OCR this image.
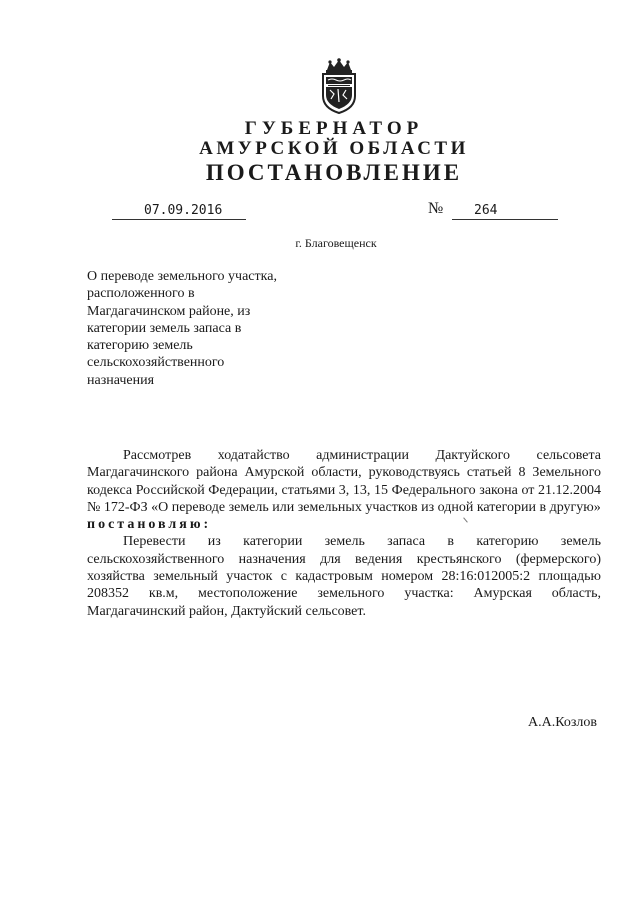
ГУБЕРНАТОР
АМУРСКОЙ ОБЛАСТИ
ПОСТАНОВЛЕНИЕ
07.09.2016	№	264
г. Благовещенск
О переводе земельного участка,
расположенного в
Магдагачинском районе, из
категории земель запаса в
категорию земель
сельскохозяйственного
назначения

Рассмотрев ходатайство администрации Дактуйского сельсовета Магдагачинского района Амурской области, руководствуясь статьей 8 Земельного кодекса Российской Федерации, статьями 3, 13, 15 Федерального закона от 21.12.2004 № 172-ФЗ «О переводе земель или земельных участков из одной категории в другую»

постановляю:

Перевести из категории земель запаса в категорию земель сельскохозяйственного назначения для ведения крестьянского (фермерского) хозяйства земельный участок с кадастровым номером 28:16:012005:2 площадью 208352 кв.м, местоположение земельного участка: Амурская область, Магдагачинский район, Дактуйский сельсовет.

А.А.Козлов
